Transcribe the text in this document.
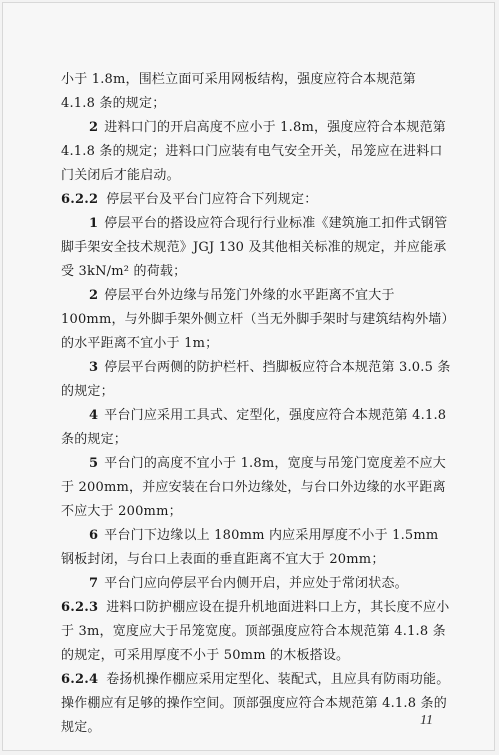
小于 1.8m，围栏立面可采用网板结构，强度应符合本规范第 4.1.8 条的规定；

2 进料口门的开启高度不应小于 1.8m，强度应符合本规范第 4.1.8 条的规定；进料口门应装有电气安全开关，吊笼应在进料口门关闭后才能启动。

6.2.2 停层平台及平台门应符合下列规定：

1 停层平台的搭设应符合现行行业标准《建筑施工扣件式钢管脚手架安全技术规范》JGJ 130 及其他相关标准的规定，并应能承受 3kN/m² 的荷载；

2 停层平台外边缘与吊笼门外缘的水平距离不宜大于 100mm，与外脚手架外侧立杆（当无外脚手架时与建筑结构外墙）的水平距离不宜小于 1m；

3 停层平台两侧的防护栏杆、挡脚板应符合本规范第 3.0.5 条的规定；

4 平台门应采用工具式、定型化，强度应符合本规范第 4.1.8 条的规定；

5 平台门的高度不宜小于 1.8m，宽度与吊笼门宽度差不应大于 200mm，并应安装在台口外边缘处，与台口外边缘的水平距离不应大于 200mm；

6 平台门下边缘以上 180mm 内应采用厚度不小于 1.5mm 钢板封闭，与台口上表面的垂直距离不宜大于 20mm；

7 平台门应向停层平台内侧开启，并应处于常闭状态。

6.2.3 进料口防护棚应设在提升机地面进料口上方，其长度不应小于 3m，宽度应大于吊笼宽度。顶部强度应符合本规范第 4.1.8 条的规定，可采用厚度不小于 50mm 的木板搭设。

6.2.4 卷扬机操作棚应采用定型化、装配式，且应具有防雨功能。操作棚应有足够的操作空间。顶部强度应符合本规范第 4.1.8 条的规定。	11
